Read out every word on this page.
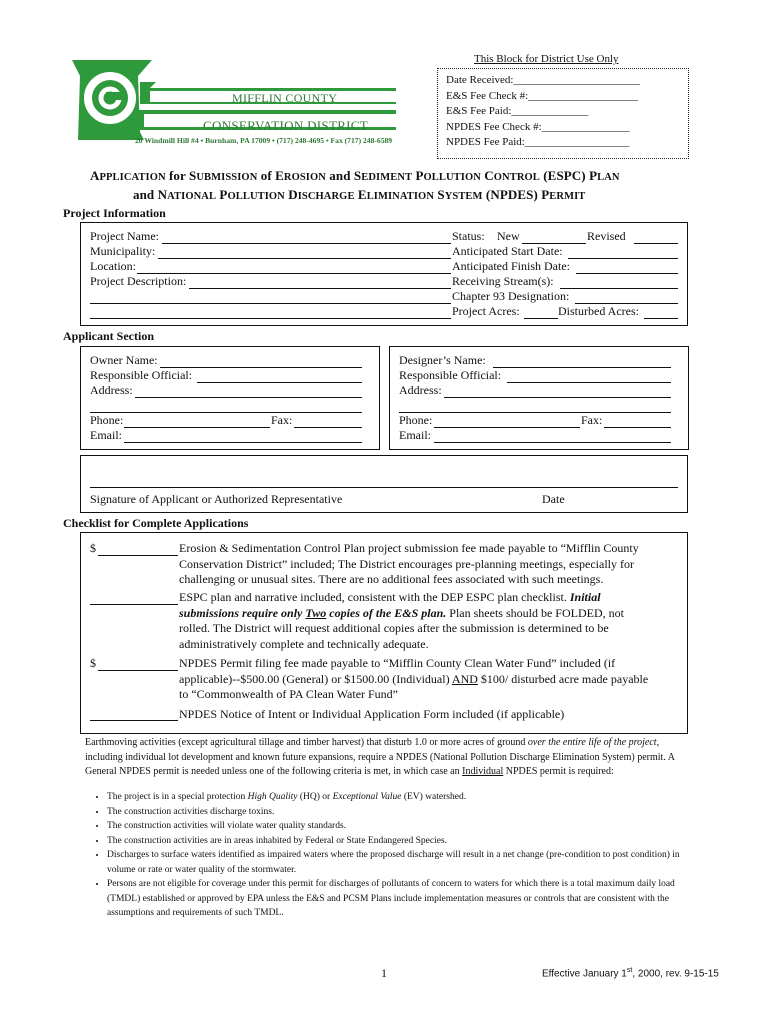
MIFFLIN COUNTY
CONSERVATION DISTRICT
20 Windmill Hill #4 • Burnham, PA 17009 • (717) 248-4695 • Fax (717) 248-6589
This Block for District Use Only
Date Received:_______________________
E&S Fee Check #:____________________
E&S Fee Paid:______________
NPDES Fee Check #:________________
NPDES Fee Paid:___________________
APPLICATION for SUBMISSION of EROSION and SEDIMENT POLLUTION CONTROL (ESPC) PLAN
and NATIONAL POLLUTION DISCHARGE ELIMINATION SYSTEM (NPDES) PERMIT
Project Information
Project Name:
Municipality:
Location:
Project Description:
Status: New	Revised
Anticipated Start Date:
Anticipated Finish Date:
Receiving Stream(s):
Chapter 93 Designation:
Project Acres:	Disturbed Acres:
Applicant Section
Owner Name:
Responsible Official:
Address:
Phone:	Fax:
Email:
Designer’s Name:
Responsible Official:
Address:
Phone:	Fax:
Email:
Signature of Applicant or Authorized Representative	Date
Checklist for Complete Applications
$	Erosion & Sedimentation Control Plan project submission fee made payable to “Mifflin County
Conservation District” included; The District encourages pre-planning meetings, especially for
challenging or unusual sites. There are no additional fees associated with such meetings.
ESPC plan and narrative included, consistent with the DEP ESPC plan checklist. Initial
submissions require only Two copies of the E&S plan. Plan sheets should be FOLDED, not
rolled. The District will request additional copies after the submission is determined to be
administratively complete and technically adequate.
$	NPDES Permit filing fee made payable to “Mifflin County Clean Water Fund” included (if
applicable)--$500.00 (General) or $1500.00 (Individual) AND $100/ disturbed acre made payable
to “Commonwealth of PA Clean Water Fund”
NPDES Notice of Intent or Individual Application Form included (if applicable)
Earthmoving activities (except agricultural tillage and timber harvest) that disturb 1.0 or more acres of ground over the entire life of the project, including individual lot development and known future expansions, require a NPDES (National Pollution Discharge Elimination System) permit. A General NPDES permit is needed unless one of the following criteria is met, in which case an Individual NPDES permit is required:
• The project is in a special protection High Quality (HQ) or Exceptional Value (EV) watershed.
• The construction activities discharge toxins.
• The construction activities will violate water quality standards.
• The construction activities are in areas inhabited by Federal or State Endangered Species.
• Discharges to surface waters identified as impaired waters where the proposed discharge will result in a net change (pre-condition to post condition) in volume or rate or water quality of the stormwater.
• Persons are not eligible for coverage under this permit for discharges of pollutants of concern to waters for which there is a total maximum daily load (TMDL) established or approved by EPA unless the E&S and PCSM Plans include implementation measures or controls that are consistent with the assumptions and requirements of such TMDL.
1	Effective January 1st, 2000, rev. 9-15-15
